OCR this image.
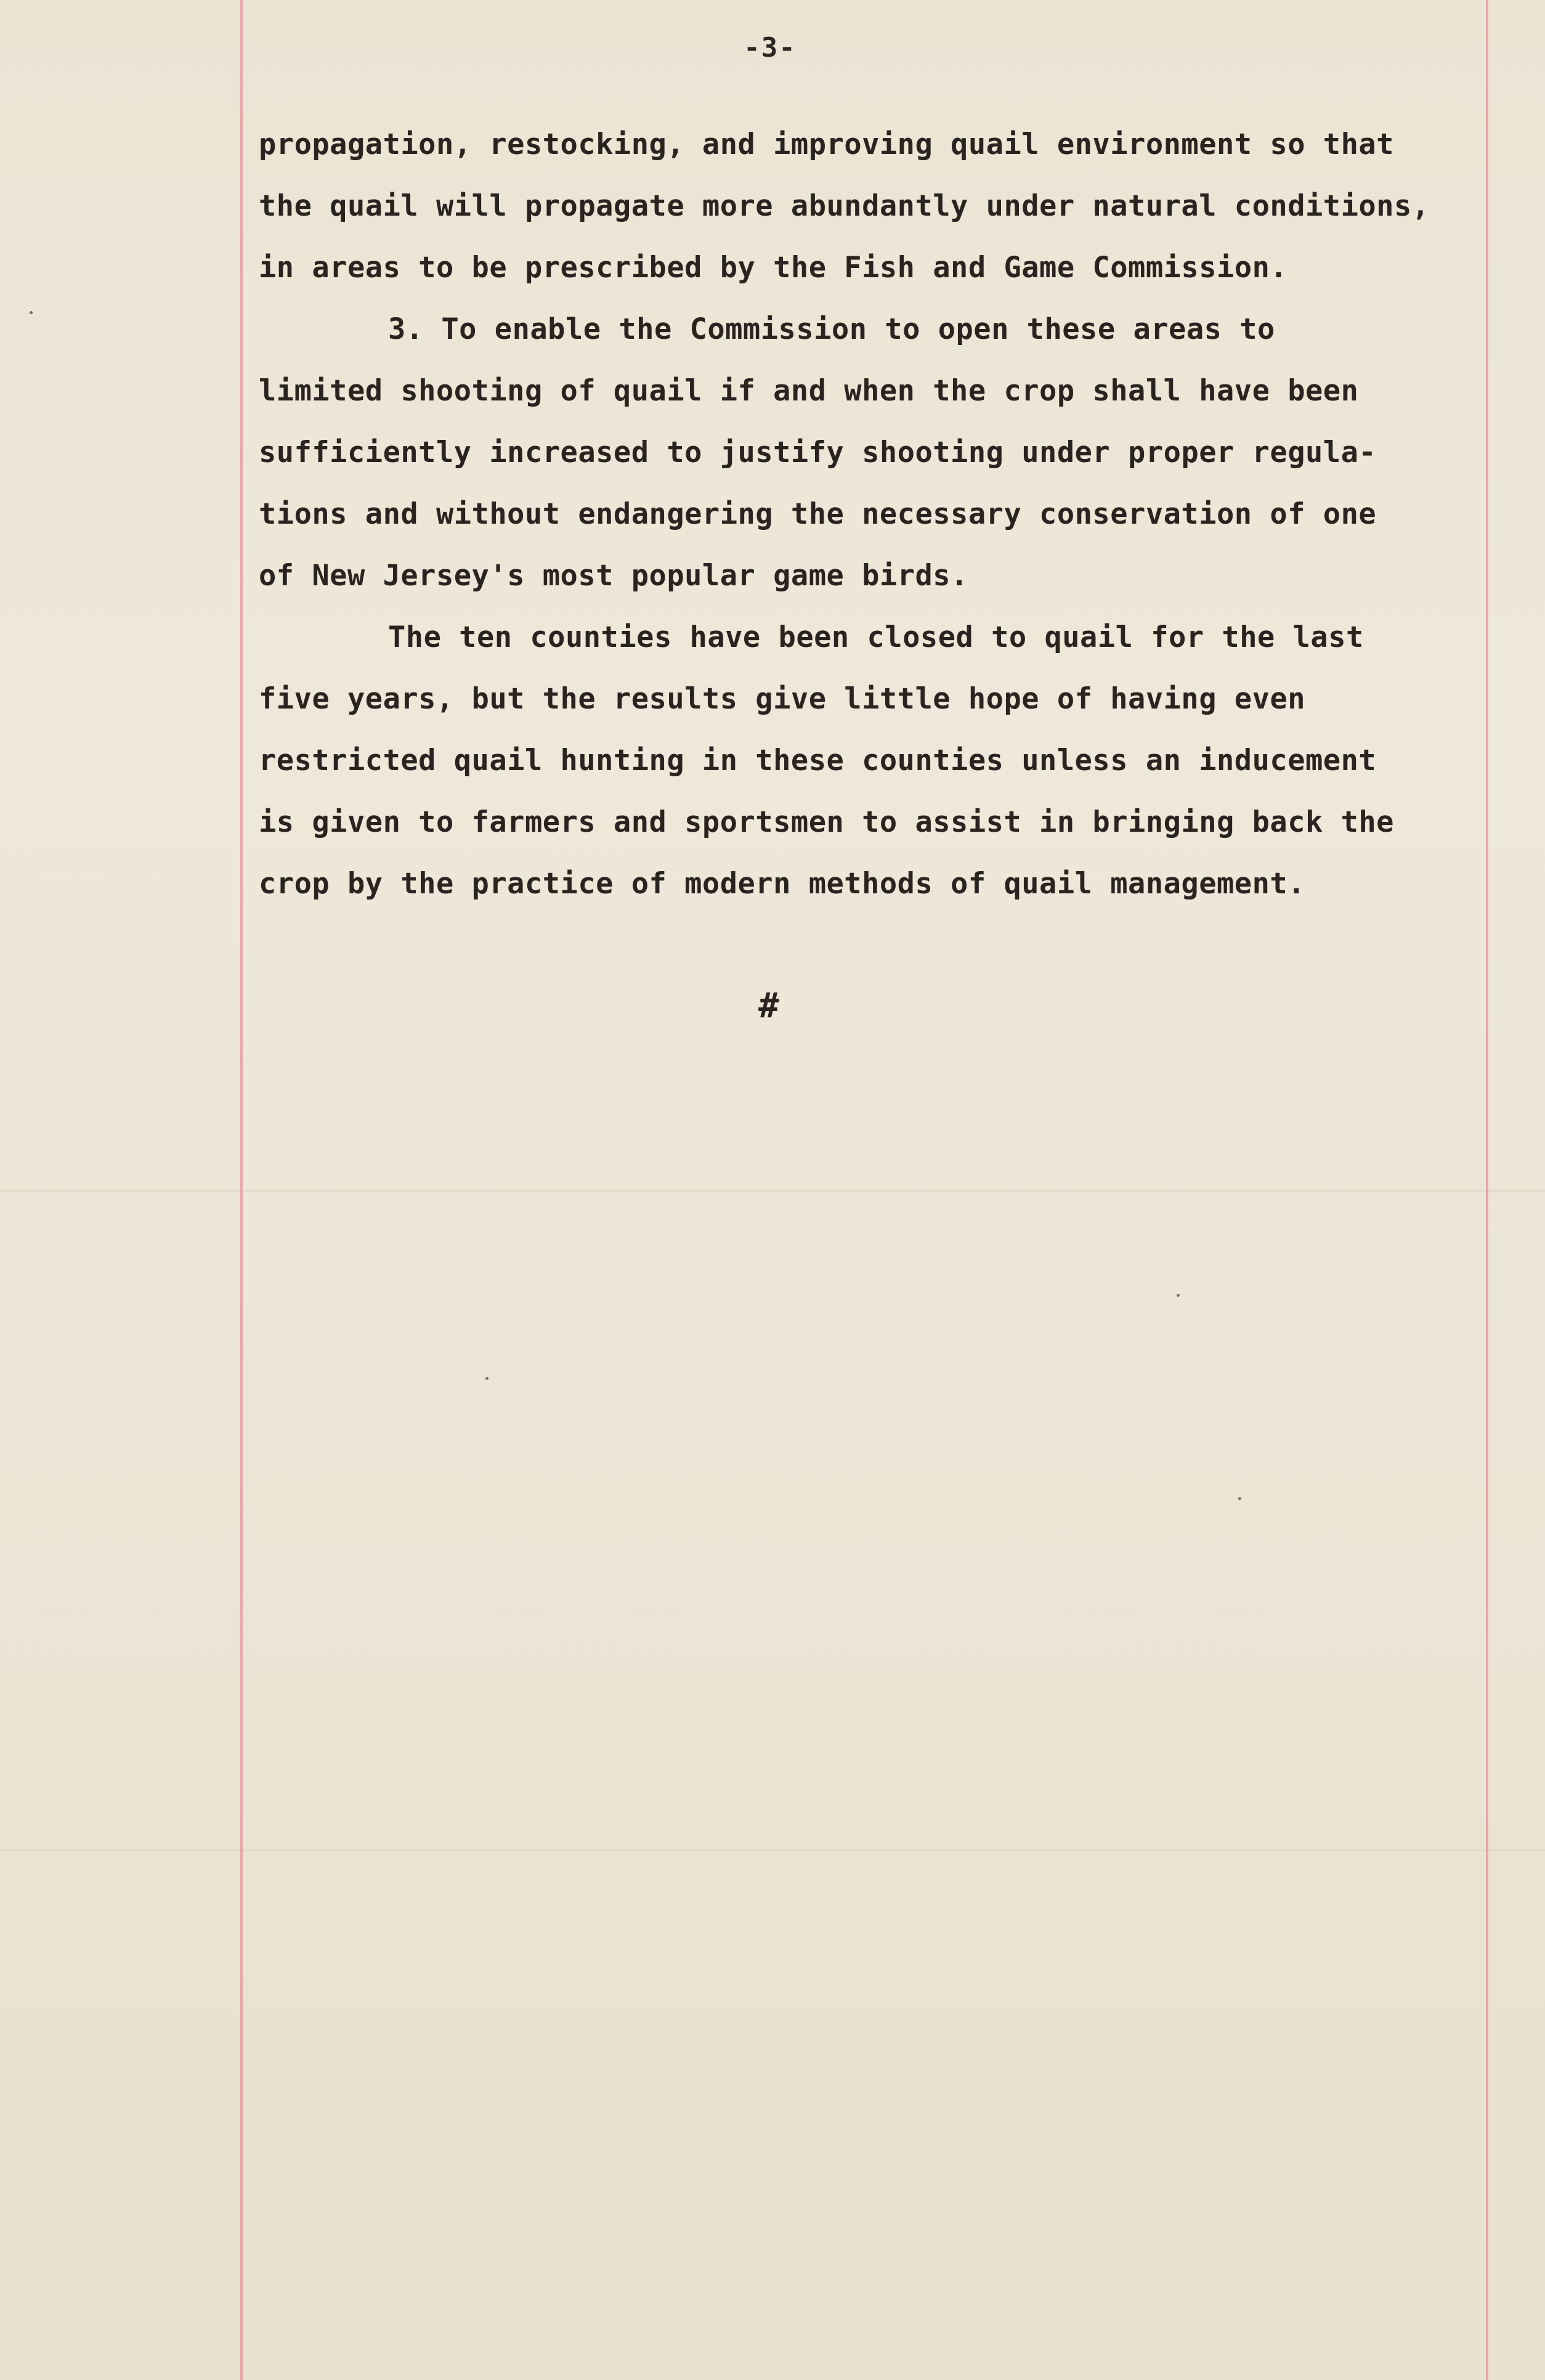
-3-
propagation, restocking, and improving quail environment so that
the quail will propagate more abundantly under natural conditions,
in areas to be prescribed by the Fish and Game Commission.
3. To enable the Commission to open these areas to
limited shooting of quail if and when the crop shall have been
sufficiently increased to justify shooting under proper regula-
tions and without endangering the necessary conservation of one
of New Jersey's most popular game birds.
The ten counties have been closed to quail for the last
five years, but the results give little hope of having even
restricted quail hunting in these counties unless an inducement
is given to farmers and sportsmen to assist in bringing back the
crop by the practice of modern methods of quail management.
#
